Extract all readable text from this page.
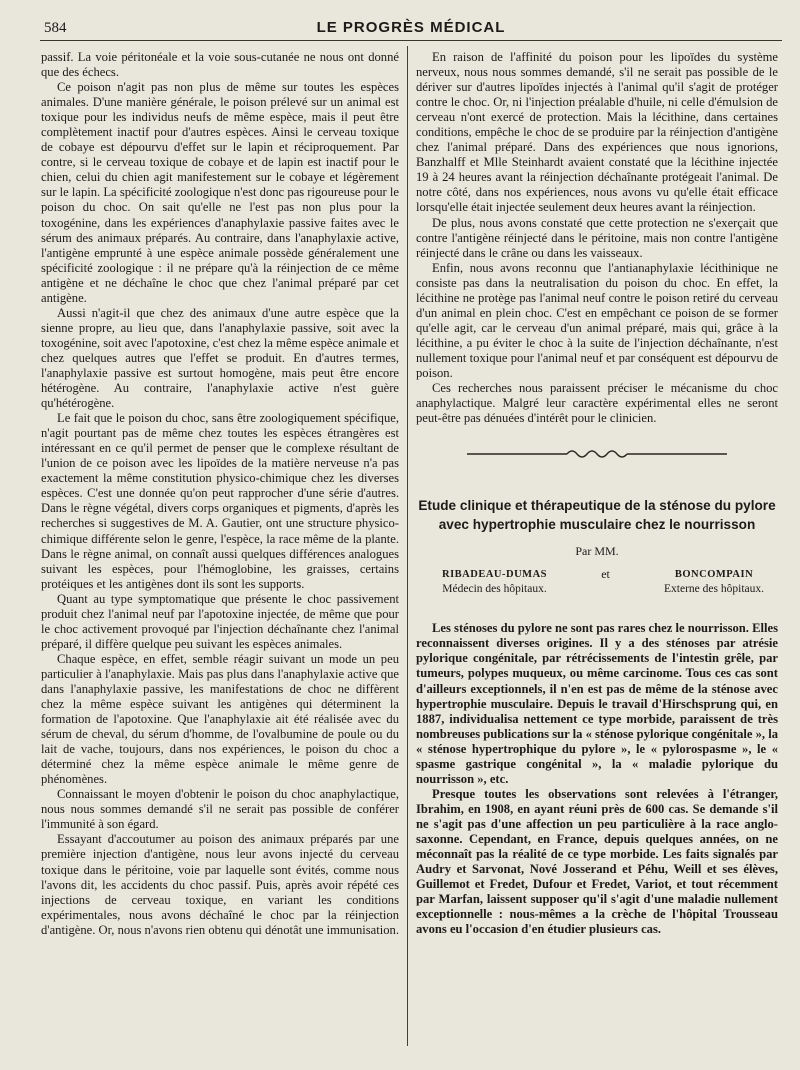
584	LE PROGRÈS MÉDICAL

passif. La voie péritonéale et la voie sous-cutanée ne nous ont donné que des échecs.

Ce poison n'agit pas non plus de même sur toutes les espèces animales. D'une manière générale, le poison prélevé sur un animal est toxique pour les individus neufs de même espèce, mais il peut être complètement inactif pour d'autres espèces. Ainsi le cerveau toxique de cobaye est dépourvu d'effet sur le lapin et réciproquement. Par contre, si le cerveau toxique de cobaye et de lapin est inactif pour le chien, celui du chien agit manifestement sur le cobaye et légèrement sur le lapin. La spécificité zoologique n'est donc pas rigoureuse pour le poison du choc. On sait qu'elle ne l'est pas non plus pour la toxogénine, dans les expériences d'anaphylaxie passive faites avec le sérum des animaux préparés. Au contraire, dans l'anaphylaxie active, l'antigène emprunté à une espèce animale possède généralement une spécificité zoologique : il ne prépare qu'à la réinjection de ce même antigène et ne déchaîne le choc que chez l'animal préparé par cet antigène.

Aussi n'agit-il que chez des animaux d'une autre espèce que la sienne propre, au lieu que, dans l'anaphylaxie passive, soit avec la toxogénine, soit avec l'apotoxine, c'est chez la même espèce animale et chez quelques autres que l'effet se produit. En d'autres termes, l'anaphylaxie passive est surtout homogène, mais peut être encore hétérogène. Au contraire, l'anaphylaxie active n'est guère qu'hétérogène.

Le fait que le poison du choc, sans être zoologiquement spécifique, n'agit pourtant pas de même chez toutes les espèces étrangères est intéressant en ce qu'il permet de penser que le complexe résultant de l'union de ce poison avec les lipoïdes de la matière nerveuse n'a pas exactement la même constitution physico-chimique chez les diverses espèces. C'est une donnée qu'on peut rapprocher d'une série d'autres. Dans le règne végétal, divers corps organiques et pigments, d'après les recherches si suggestives de M. A. Gautier, ont une structure physico-chimique différente selon le genre, l'espèce, la race même de la plante. Dans le règne animal, on connaît aussi quelques différences analogues suivant les espèces, pour l'hémoglobine, les graisses, certains protéiques et les antigènes dont ils sont les supports.

Quant au type symptomatique que présente le choc passivement produit chez l'animal neuf par l'apotoxine injectée, de même que pour le choc activement provoqué par l'injection déchaînante chez l'animal préparé, il diffère quelque peu suivant les espèces animales.

Chaque espèce, en effet, semble réagir suivant un mode un peu particulier à l'anaphylaxie. Mais pas plus dans l'anaphylaxie active que dans l'anaphylaxie passive, les manifestations de choc ne diffèrent chez la même espèce suivant les antigènes qui déterminent la formation de l'apotoxine. Que l'anaphylaxie ait été réalisée avec du sérum de cheval, du sérum d'homme, de l'ovalbumine de poule ou du lait de vache, toujours, dans nos expériences, le poison du choc a déterminé chez la même espèce animale le même genre de phénomènes.

Connaissant le moyen d'obtenir le poison du choc anaphylactique, nous nous sommes demandé s'il ne serait pas possible de conférer l'immunité à son égard.

Essayant d'accoutumer au poison des animaux préparés par une première injection d'antigène, nous leur avons injecté du cerveau toxique dans le péritoine, voie par laquelle sont évités, comme nous l'avons dit, les accidents du choc passif. Puis, après avoir répété ces injections de cerveau toxique, en variant les conditions expérimentales, nous avons déchaîné le choc par la réinjection d'antigène. Or, nous n'avons rien obtenu qui dénotât une immunisation.

En raison de l'affinité du poison pour les lipoïdes du système nerveux, nous nous sommes demandé, s'il ne serait pas possible de le dériver sur d'autres lipoïdes injectés à l'animal qu'il s'agit de protéger contre le choc. Or, ni l'injection préalable d'huile, ni celle d'émulsion de cerveau n'ont exercé de protection. Mais la lécithine, dans certaines conditions, empêche le choc de se produire par la réinjection d'antigène chez l'animal préparé. Dans des expériences que nous ignorions, Banzhalff et Mlle Steinhardt avaient constaté que la lécithine injectée 19 à 24 heures avant la réinjection déchaînante protégeait l'animal. De notre côté, dans nos expériences, nous avons vu qu'elle était efficace lorsqu'elle était injectée seulement deux heures avant la réinjection.

De plus, nous avons constaté que cette protection ne s'exerçait que contre l'antigène réinjecté dans le péritoine, mais non contre l'antigène réinjecté dans le crâne ou dans les vaisseaux.

Enfin, nous avons reconnu que l'antianaphylaxie lécithinique ne consiste pas dans la neutralisation du poison du choc. En effet, la lécithine ne protège pas l'animal neuf contre le poison retiré du cerveau d'un animal en plein choc. C'est en empêchant ce poison de se former qu'elle agit, car le cerveau d'un animal préparé, mais qui, grâce à la lécithine, a pu éviter le choc à la suite de l'injection déchaînante, n'est nullement toxique pour l'animal neuf et par conséquent est dépourvu de poison.

Ces recherches nous paraissent préciser le mécanisme du choc anaphylactique. Malgré leur caractère expérimental elles ne seront peut-être pas dénuées d'intérêt pour le clinicien.

Etude clinique et thérapeutique de la sténose du pylore avec hypertrophie musculaire chez le nourrisson
Par MM.
RIBADEAU-DUMAS
Médecin des hôpitaux.
et	BONCOMPAIN
Externe des hôpitaux.

Les sténoses du pylore ne sont pas rares chez le nourrisson. Elles reconnaissent diverses origines. Il y a des sténoses par atrésie pylorique congénitale, par rétrécissements de l'intestin grêle, par tumeurs, polypes muqueux, ou même carcinome. Tous ces cas sont d'ailleurs exceptionnels, il n'en est pas de même de la sténose avec hypertrophie musculaire. Depuis le travail d'Hirschsprung qui, en 1887, individualisa nettement ce type morbide, paraissent de très nombreuses publications sur la « sténose pylorique congénitale », la « sténose hypertrophique du pylore », le « pylorospasme », le « spasme gastrique congénital », la « maladie pylorique du nourrisson », etc.

Presque toutes les observations sont relevées à l'étranger, Ibrahim, en 1908, en ayant réuni près de 600 cas. Se demande s'il ne s'agit pas d'une affection un peu particulière à la race anglo-saxonne. Cependant, en France, depuis quelques années, on ne méconnaît pas la réalité de ce type morbide. Les faits signalés par Audry et Sarvonat, Nové Josserand et Péhu, Weill et ses élèves, Guillemot et Fredet, Dufour et Fredet, Variot, et tout récemment par Marfan, laissent supposer qu'il s'agit d'une maladie nullement exceptionnelle : nous-mêmes a la crèche de l'hôpital Trousseau avons eu l'occasion d'en étudier plusieurs cas.
